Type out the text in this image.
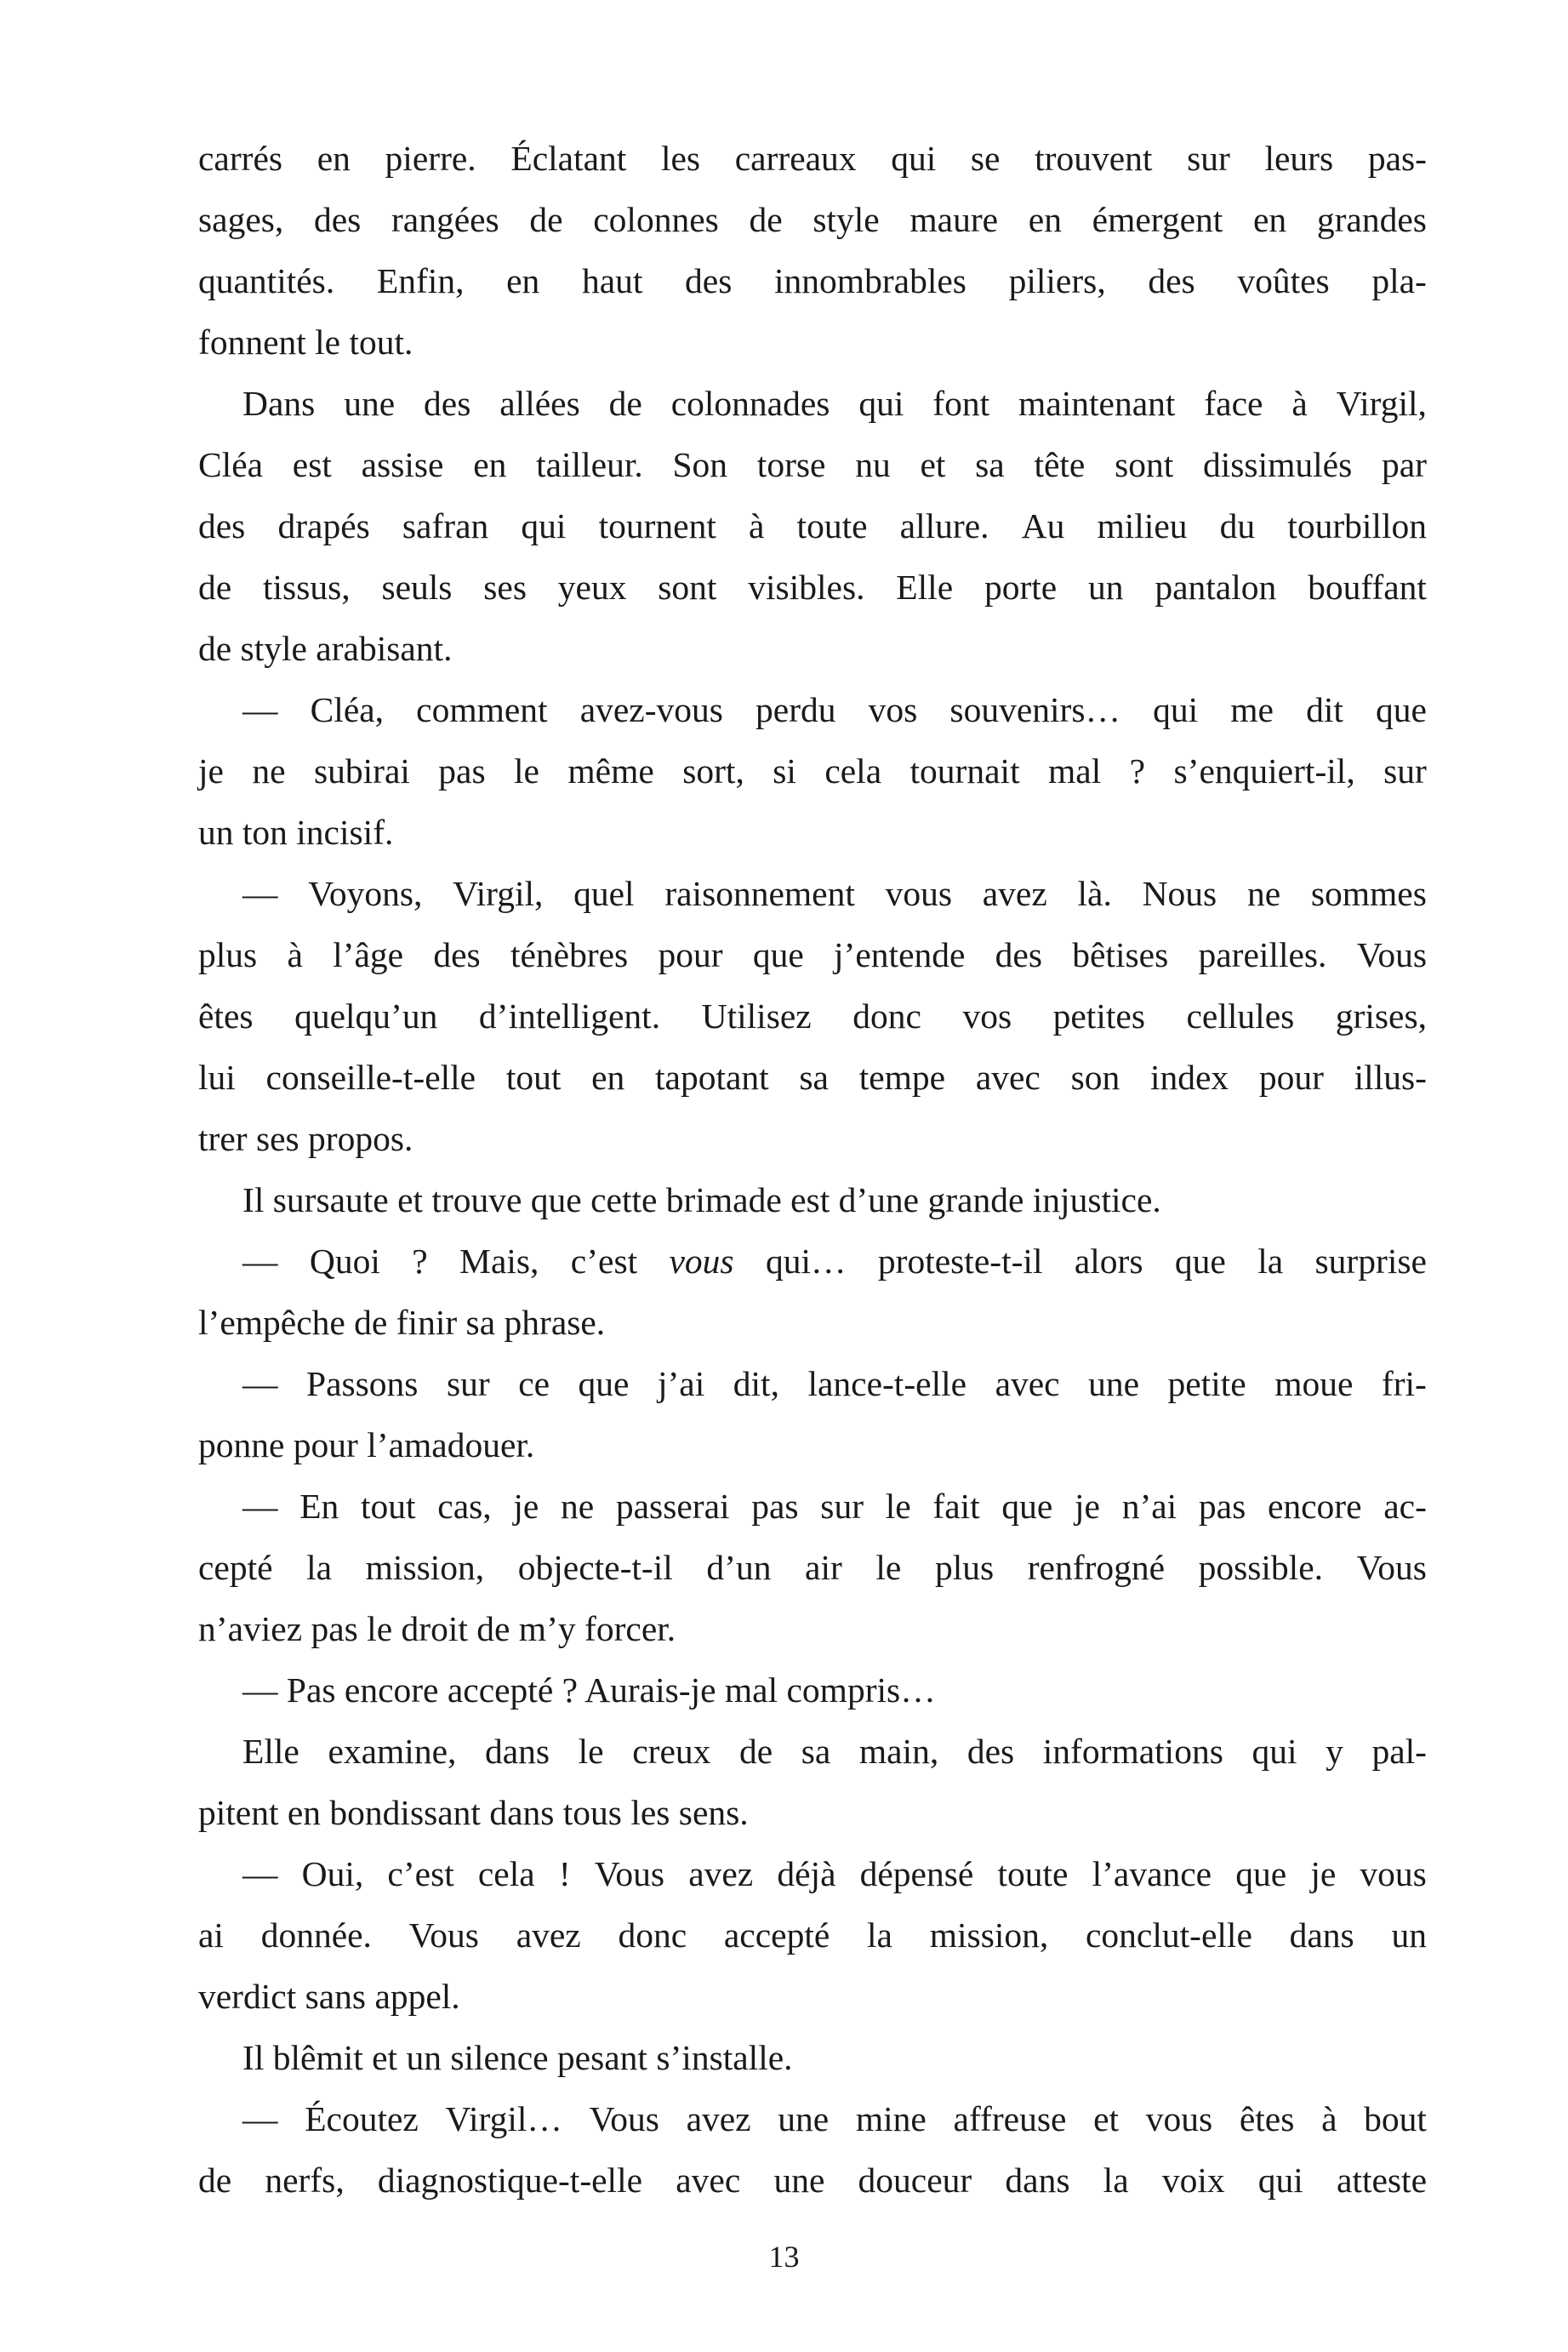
carrés en pierre. Éclatant les carreaux qui se trouvent sur leurs pas-
sages, des rangées de colonnes de style maure en émergent en grandes
quantités. Enfin, en haut des innombrables piliers, des voûtes pla-
fonnent le tout.
Dans une des allées de colonnades qui font maintenant face à Virgil,
Cléa est assise en tailleur. Son torse nu et sa tête sont dissimulés par
des drapés safran qui tournent à toute allure. Au milieu du tourbillon
de tissus, seuls ses yeux sont visibles. Elle porte un pantalon bouffant
de style arabisant.
— Cléa, comment avez-vous perdu vos souvenirs… qui me dit que
je ne subirai pas le même sort, si cela tournait mal ? s’enquiert-il, sur
un ton incisif.
— Voyons, Virgil, quel raisonnement vous avez là. Nous ne sommes
plus à l’âge des ténèbres pour que j’entende des bêtises pareilles. Vous
êtes quelqu’un d’intelligent. Utilisez donc vos petites cellules grises,
lui conseille-t-elle tout en tapotant sa tempe avec son index pour illus-
trer ses propos.
Il sursaute et trouve que cette brimade est d’une grande injustice.
— Quoi ? Mais, c’est vous qui… proteste-t-il alors que la surprise
l’empêche de finir sa phrase.
— Passons sur ce que j’ai dit, lance-t-elle avec une petite moue fri-
ponne pour l’amadouer.
— En tout cas, je ne passerai pas sur le fait que je n’ai pas encore ac-
cepté la mission, objecte-t-il d’un air le plus renfrogné possible. Vous
n’aviez pas le droit de m’y forcer.
— Pas encore accepté ? Aurais-je mal compris…
Elle examine, dans le creux de sa main, des informations qui y pal-
pitent en bondissant dans tous les sens.
— Oui, c’est cela ! Vous avez déjà dépensé toute l’avance que je vous
ai donnée. Vous avez donc accepté la mission, conclut-elle dans un
verdict sans appel.
Il blêmit et un silence pesant s’installe.
— Écoutez Virgil… Vous avez une mine affreuse et vous êtes à bout
de nerfs, diagnostique-t-elle avec une douceur dans la voix qui atteste
13
